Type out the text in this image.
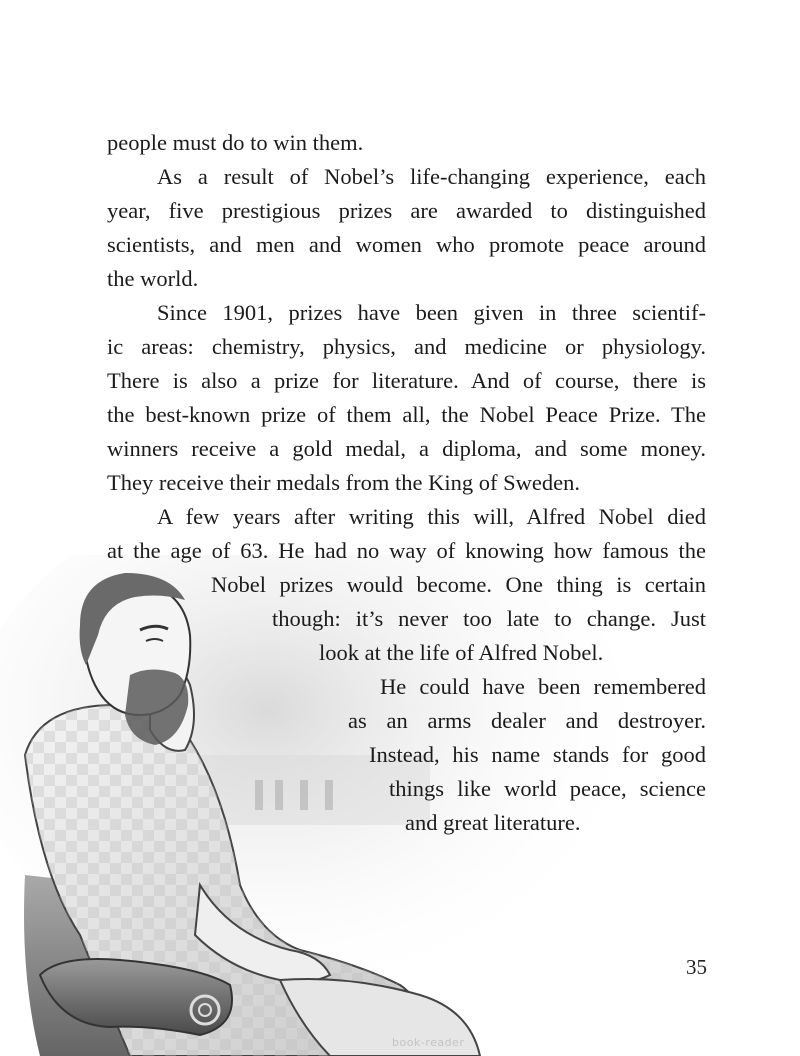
people must do to win them.
As a result of Nobel’s life-changing experience, each
year, five prestigious prizes are awarded to distinguished
scientists, and men and women who promote peace around
the world.
Since 1901, prizes have been given in three scientif-
ic areas: chemistry, physics, and medicine or physiology.
There is also a prize for literature. And of course, there is
the best-known prize of them all, the Nobel Peace Prize. The
winners receive a gold medal, a diploma, and some money.
They receive their medals from the King of Sweden.
A few years after writing this will, Alfred Nobel died
at the age of 63. He had no way of knowing how famous the
Nobel prizes would become. One thing is certain
though: it’s never too late to change. Just
look at the life of Alfred Nobel.
He could have been remembered
as an arms dealer and destroyer.
Instead, his name stands for good
things like world peace, science
and great literature.
35
book-reader
